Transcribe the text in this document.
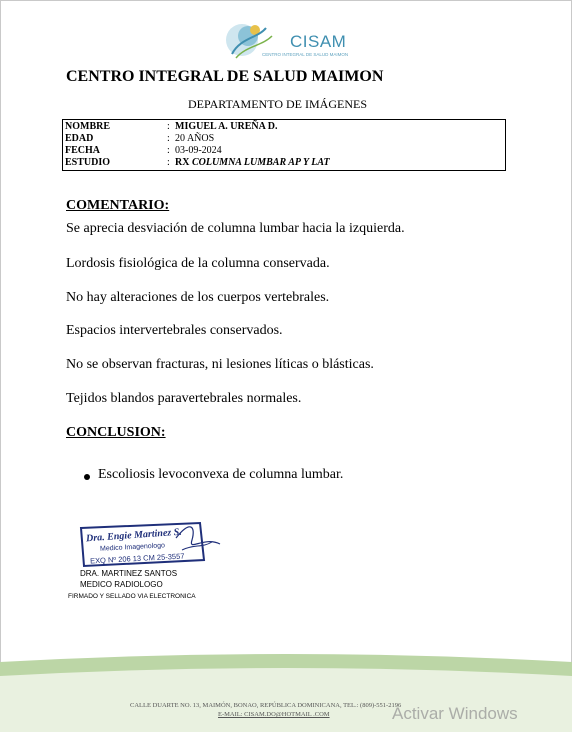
CISAM
CENTRO INTEGRAL DE SALUD MAIMON
CENTRO INTEGRAL DE SALUD MAIMON
DEPARTAMENTO DE IMÁGENES
NOMBRE	: MIGUEL A. UREÑA D.
EDAD	: 20 AÑOS
FECHA	: 03-09-2024
ESTUDIO	: RX COLUMNA LUMBAR AP Y LAT
COMENTARIO:
Se aprecia desviación de columna lumbar hacia la izquierda.
Lordosis fisiológica de la columna conservada.
No hay alteraciones de los cuerpos vertebrales.
Espacios intervertebrales conservados.
No se observan fracturas, ni lesiones líticas o blásticas.
Tejidos blandos paravertebrales normales.
CONCLUSION:
Escoliosis levoconvexa de columna lumbar.
Dra. Engie Martinez S.
Medico Imagenologo
EXQ Nº 206 13 CM 25-3557
DRA. MARTINEZ SANTOS
MEDICO RADIOLOGO
FIRMADO Y SELLADO VIA ELECTRONICA
CALLE DUARTE NO. 13, MAIMÓN, BONAO, REPÚBLICA DOMINICANA, TEL.: (809)-551-2196
E-MAIL: CISAM.DO@HOTMAIL .COM	Activar Windows
